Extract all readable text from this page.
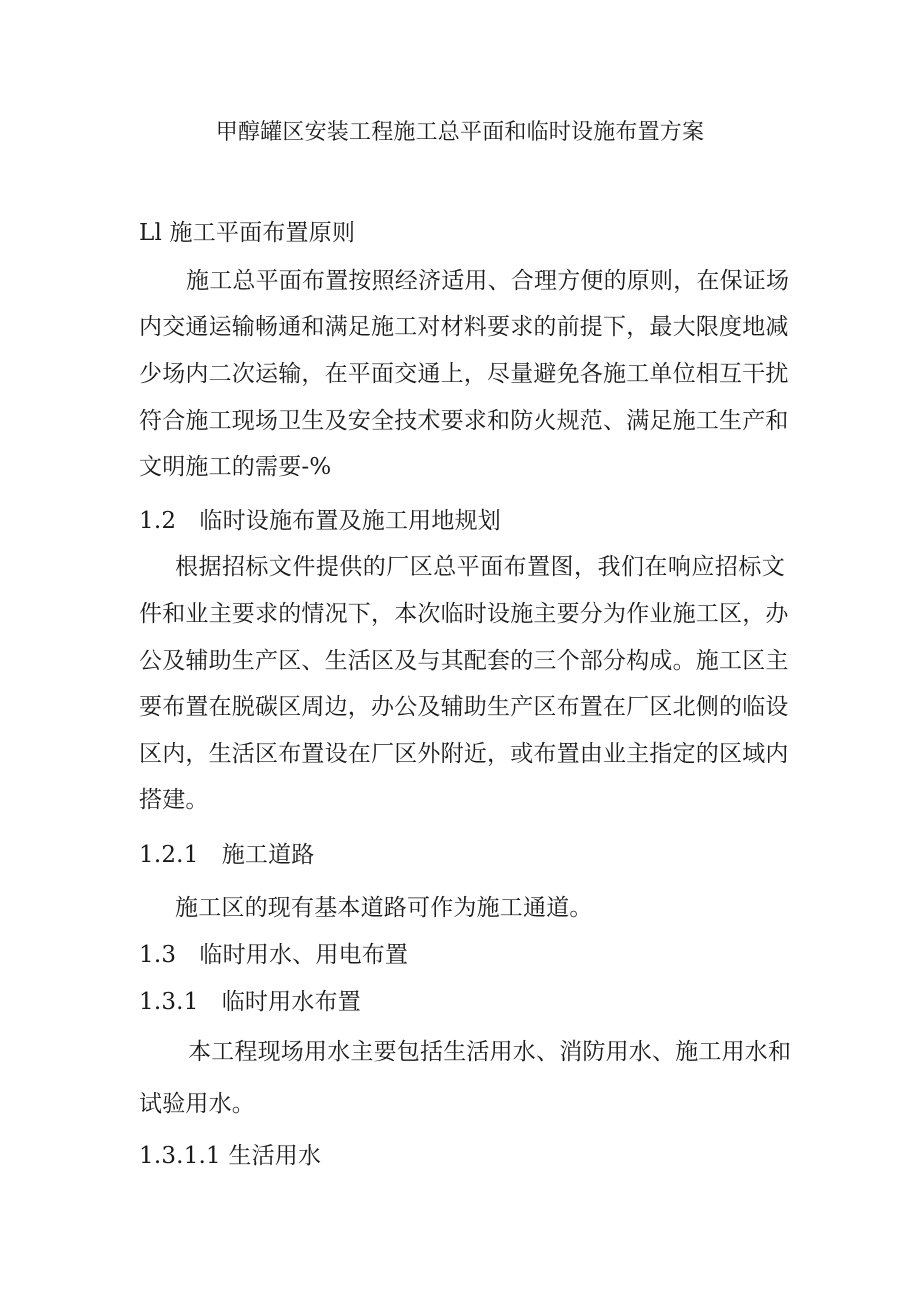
甲醇罐区安装工程施工总平面和临时设施布置方案
Ll 施工平面布置原则
施工总平面布置按照经济适用、合理方便的原则，在保证场
内交通运输畅通和满足施工对材料要求的前提下，最大限度地减
少场内二次运输，在平面交通上，尽量避免各施工单位相互干扰
符合施工现场卫生及安全技术要求和防火规范、满足施工生产和
文明施工的需要-%
1.2　临时设施布置及施工用地规划
根据招标文件提供的厂区总平面布置图，我们在响应招标文
件和业主要求的情况下，本次临时设施主要分为作业施工区，办
公及辅助生产区、生活区及与其配套的三个部分构成。施工区主
要布置在脱碳区周边，办公及辅助生产区布置在厂区北侧的临设
区内，生活区布置设在厂区外附近，或布置由业主指定的区域内
搭建。
1.2.1　施工道路
施工区的现有基本道路可作为施工通道。
1.3　临时用水、用电布置
1.3.1　临时用水布置
本工程现场用水主要包括生活用水、消防用水、施工用水和
试验用水。
1.3.1.1 生活用水
